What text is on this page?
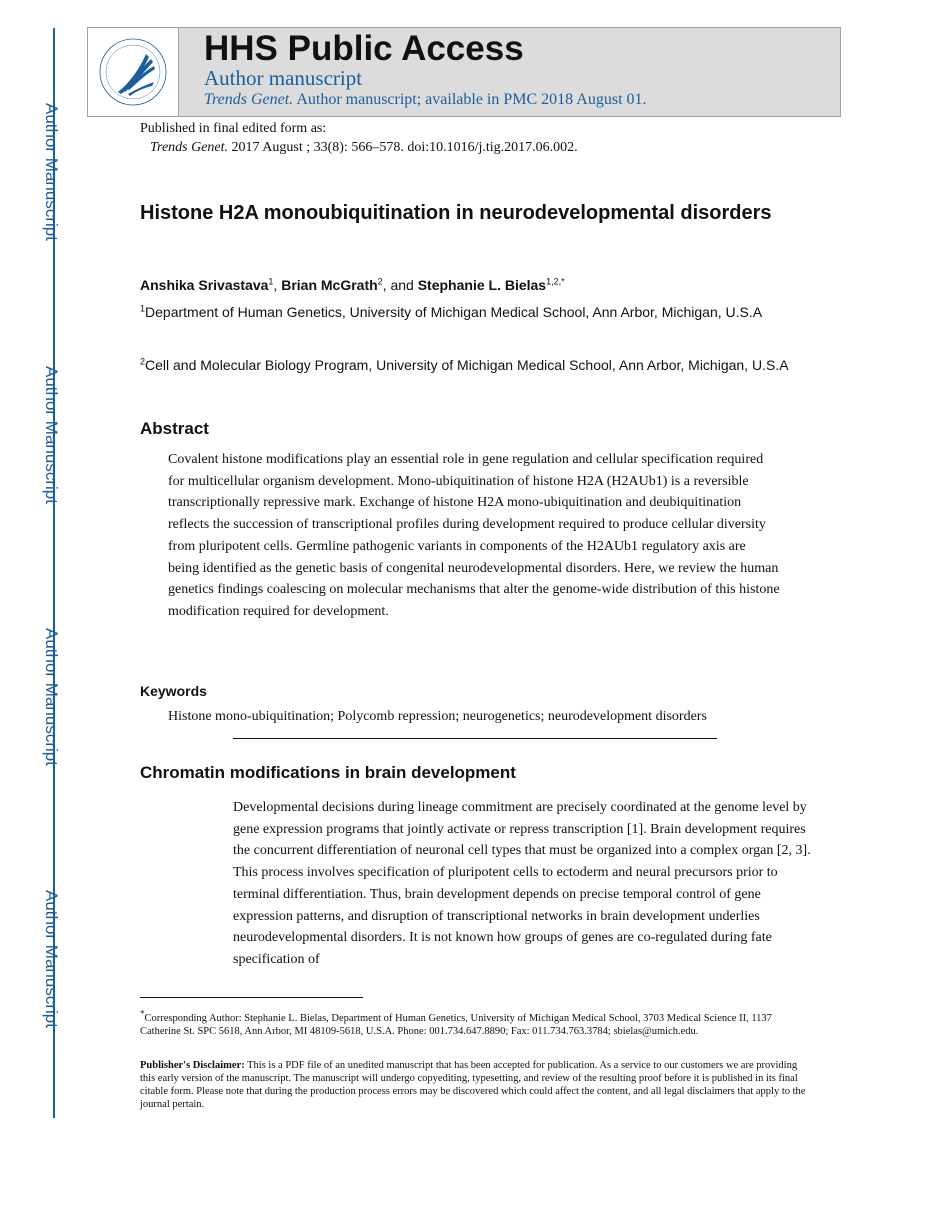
Author Manuscript
Author Manuscript
Author Manuscript
Author Manuscript
HHS Public Access
Author manuscript
Trends Genet. Author manuscript; available in PMC 2018 August 01.
Published in final edited form as:
Trends Genet. 2017 August ; 33(8): 566–578. doi:10.1016/j.tig.2017.06.002.
Histone H2A monoubiquitination in neurodevelopmental disorders
Anshika Srivastava$^1$, Brian McGrath$^2$, and Stephanie L. Bielas$^{1,2,*}$
$^1$Department of Human Genetics, University of Michigan Medical School, Ann Arbor, Michigan, U.S.A
$^2$Cell and Molecular Biology Program, University of Michigan Medical School, Ann Arbor, Michigan, U.S.A
Abstract

Covalent histone modifications play an essential role in gene regulation and cellular specification required for multicellular organism development. Mono-ubiquitination of histone H2A (H2AUb1) is a reversible transcriptionally repressive mark. Exchange of histone H2A mono-ubiquitination and deubiquitination reflects the succession of transcriptional profiles during development required to produce cellular diversity from pluripotent cells. Germline pathogenic variants in components of the H2AUb1 regulatory axis are being identified as the genetic basis of congenital neurodevelopmental disorders. Here, we review the human genetics findings coalescing on molecular mechanisms that alter the genome-wide distribution of this histone modification required for development.

Keywords
Histone mono-ubiquitination; Polycomb repression; neurogenetics; neurodevelopment disorders
Chromatin modifications in brain development

Developmental decisions during lineage commitment are precisely coordinated at the genome level by gene expression programs that jointly activate or repress transcription [1]. Brain development requires the concurrent differentiation of neuronal cell types that must be organized into a complex organ [2, 3]. This process involves specification of pluripotent cells to ectoderm and neural precursors prior to terminal differentiation. Thus, brain development depends on precise temporal control of gene expression patterns, and disruption of transcriptional networks in brain development underlies neurodevelopmental disorders. It is not known how groups of genes are co-regulated during fate specification of

*Corresponding Author: Stephanie L. Bielas, Department of Human Genetics, University of Michigan Medical School, 3703 Medical Science II, 1137 Catherine St. SPC 5618, Ann Arbor, MI 48109-5618, U.S.A. Phone: 001.734.647.8890; Fax: 011.734.763.3784; sbielas@umich.edu.

Publisher's Disclaimer: This is a PDF file of an unedited manuscript that has been accepted for publication. As a service to our customers we are providing this early version of the manuscript. The manuscript will undergo copyediting, typesetting, and review of the resulting proof before it is published in its final citable form. Please note that during the production process errors may be discovered which could affect the content, and all legal disclaimers that apply to the journal pertain.
